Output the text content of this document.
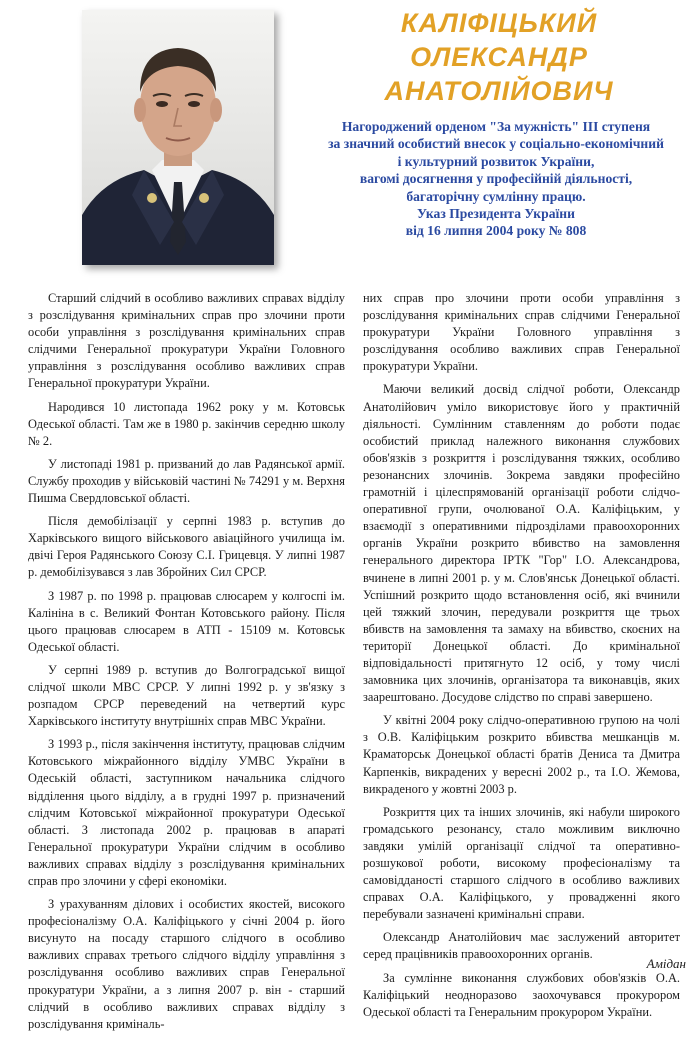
КАЛІФІЦЬКИЙ
ОЛЕКСАНДР
АНАТОЛІЙОВИЧ
Нагороджений орденом "За мужність" III ступеня
за значний особистий внесок у соціально-економічний
і культурний розвиток України,
вагомі досягнення у професійній діяльності,
багаторічну сумлінну працю.
Указ Президента України
від 16 липня 2004 року № 808

Старший слідчий в особливо важливих справах відділу з розслідування кримінальних справ про злочини проти особи управління з розслідування кримінальних справ слідчими Генеральної прокуратури України Головного управління з розслідування особливо важливих справ Генеральної прокуратури України.

Народився 10 листопада 1962 року у м. Котовськ Одеської області. Там же в 1980 р. закінчив середню школу № 2.

У листопаді 1981 р. призваний до лав Радянської армії. Службу проходив у військовій частині № 74291 у м. Верхня Пишма Свердловської області.

Після демобілізації у серпні 1983 р. вступив до Харківського вищого військового авіаційного училища ім. двічі Героя Радянського Союзу С.І. Грицевця. У липні 1987 р. демобілізувався з лав Збройних Сил СРСР.

З 1987 р. по 1998 р. працював слюсарем у колгоспі ім. Калініна в с. Великий Фонтан Котовського району. Після цього працював слюсарем в АТП - 15109 м. Котовськ Одеської області.

У серпні 1989 р. вступив до Волгоградської вищої слідчої школи МВС СРСР. У липні 1992 р. у зв'язку з розпадом СРСР переведений на четвертий курс Харківського інституту внутрішніх справ МВС України.

З 1993 р., після закінчення інституту, працював слідчим Котовського міжрайонного відділу УМВС України в Одеській області, заступником начальника слідчого відділення цього відділу, а в грудні 1997 р. призначений слідчим Котовської міжрайонної прокуратури Одеської області. З листопада 2002 р. працював в апараті Генеральної прокуратури України слідчим в особливо важливих справах відділу з розслідування кримінальних справ про злочини у сфері економіки.

З урахуванням ділових і особистих якостей, високого професіоналізму О.А. Каліфіцького у січні 2004 р. його висунуто на посаду старшого слідчого в особливо важливих справах третього слідчого відділу управління з розслідування особливо важливих справ Генеральної прокуратури України, а з липня 2007 р. він - старший слідчий в особливо важливих справах відділу з розслідування криміналь-

них справ про злочини проти особи управління з розслідування кримінальних справ слідчими Генеральної прокуратури України Головного управління з розслідування особливо важливих справ Генеральної прокуратури України.

Маючи великий досвід слідчої роботи, Олександр Анатолійович уміло використовує його у практичній діяльності. Сумлінним ставленням до роботи подає особистий приклад належного виконання службових обов'язків з розкриття і розслідування тяжких, особливо резонансних злочинів. Зокрема завдяки професійно грамотній і цілеспрямованій організації роботи слідчо-оперативної групи, очолюваної О.А. Каліфіцьким, у взаємодії з оперативними підрозділами правоохоронних органів України розкрито вбивство на замовлення генерального директора ІРТК "Гор" І.О. Александрова, вчинене в липні 2001 р. у м. Слов'янськ Донецької області. Успішний розкрито щодо встановлення осіб, які вчинили цей тяжкий злочин, передували розкриття ще трьох вбивств на замовлення та замаху на вбивство, скоєних на території Донецької області. До кримінальної відповідальності притягнуто 12 осіб, у тому числі замовника цих злочинів, організатора та виконавців, яких заарештовано. Досудове слідство по справі завершено.

У квітні 2004 року слідчо-оперативною групою на чолі з О.В. Каліфіцьким розкрито вбивства мешканців м. Краматорськ Донецької області братів Дениса та Дмитра Карпенків, викрадених у вересні 2002 р., та І.О. Жемова, викраденого у жовтні 2003 р.

Розкриття цих та інших злочинів, які набули широкого громадського резонансу, стало можливим виключно завдяки умілій організації слідчої та оперативно-розшукової роботи, високому професіоналізму та самовідданості старшого слідчого в особливо важливих справах О.А. Каліфіцького, у провадженні якого перебували зазначені кримінальні справи.

Олександр Анатолійович має заслужений авторитет серед працівників правоохоронних органів.

За сумлінне виконання службових обов'язків О.А. Каліфіцький неодноразово заохочувався прокурором Одеської області та Генеральним прокурором України.

Амідан
